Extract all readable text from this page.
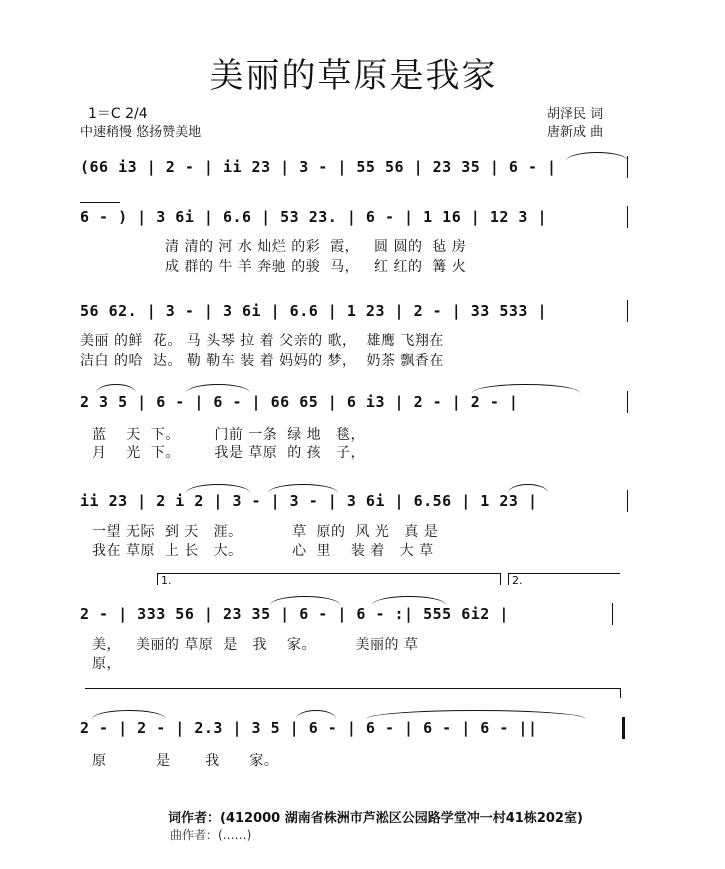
美丽的草原是我家
1＝C 2/4
中速稍慢 悠扬赞美地
胡泽民 词
唐新成 曲
(66 i3 | 2 - | ii 23 | 3 - | 55 56 | 23 35 | 6 - |
6 - ) | 3 6i | 6.6 | 53 23. | 6 - | 1 16 | 12 3 |
清 清的 河 水 灿烂 的彩  霞，   圆 圆的  毡 房
成 群的 牛 羊 奔驰 的骏  马，   红 红的  篝 火
56 62. | 3 - | 3 6i | 6.6 | 1 23 | 2 - | 33 533 |
美丽 的鲜  花。 马 头琴 拉 着 父亲的 歌，  雄鹰 飞翔在
洁白 的哈  达。 勒 勒车 装 着 妈妈的 梦，  奶茶 飘香在
2 3 5 | 6 - | 6 - | 66 65 | 6 i3 | 2 - | 2 - |
蓝    天  下。       门前 一条  绿 地   毯，
月    光  下。       我是 草原  的 孩   子，
ii 23 | 2 i 2 | 3 - | 3 - | 3 6i | 6.56 | 1 23 |
一望 无际  到 天   涯。          草  原的  风 光   真 是
我在 草原  上 长   大。          心  里    装 着   大 草
1.	2.
2 - | 333 56 | 23 35 | 6 - | 6 - :| 555 6i2 |
美，   美丽的 草原  是   我    家。        美丽的 草
原，
2 - | 2 - | 2.3 | 3 5 | 6 - | 6 - | 6 - | 6 - ||
原          是       我      家。
词作者：(412000 湖南省株洲市芦淞区公园路学堂冲一村41栋202室)
曲作者：(……)
